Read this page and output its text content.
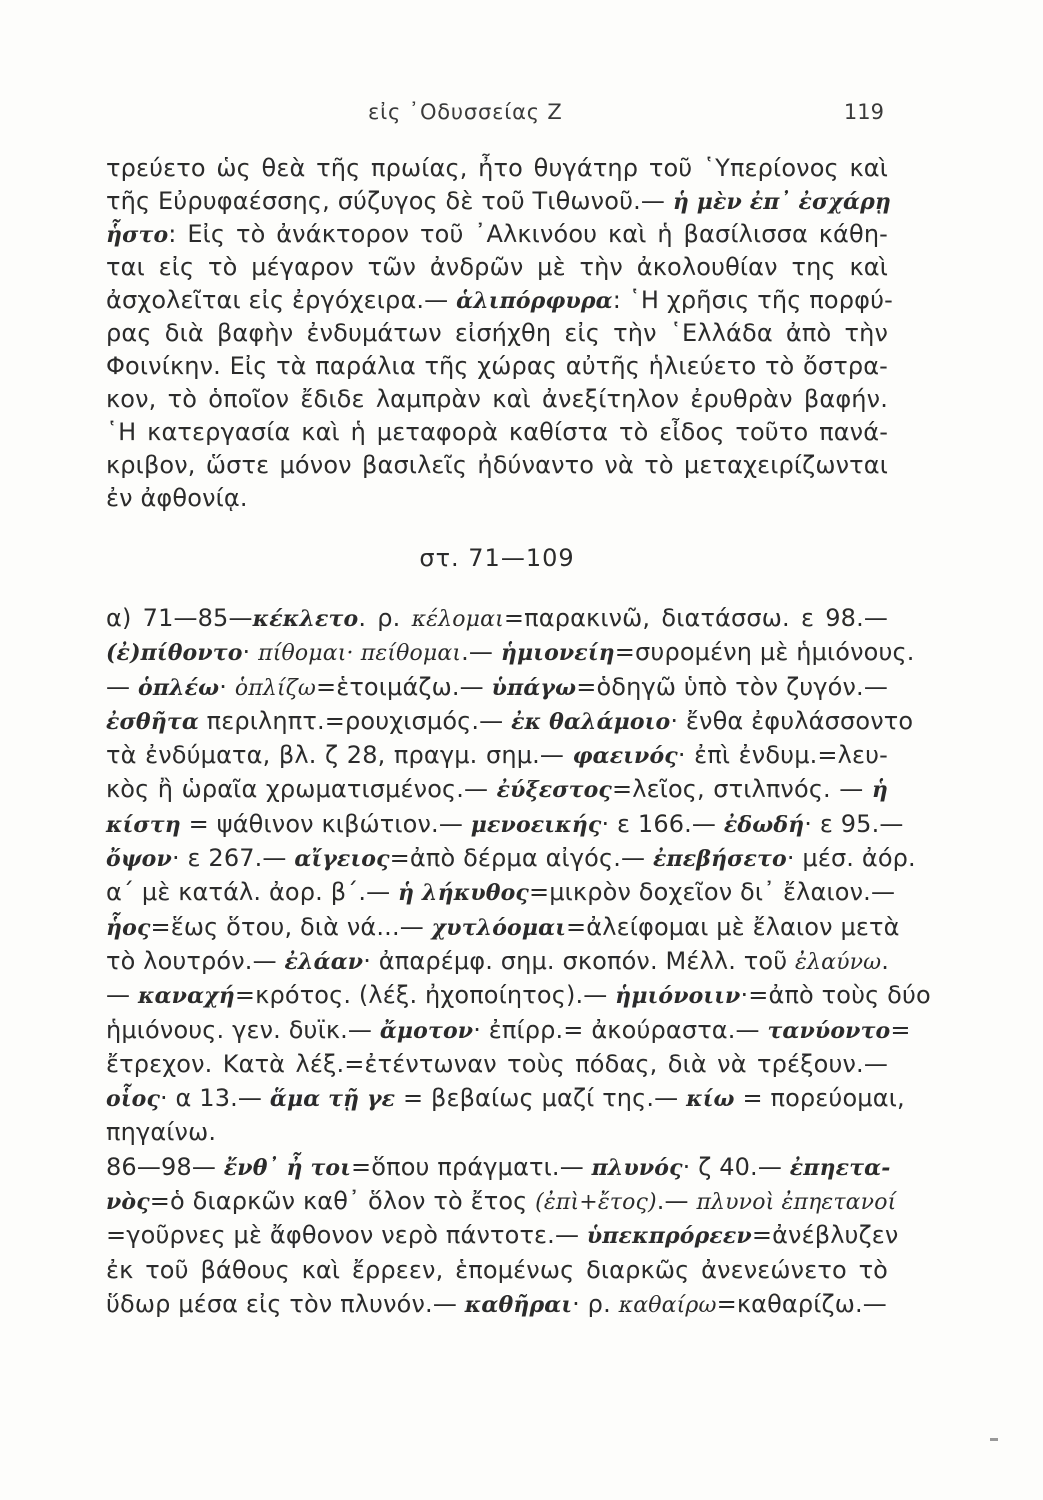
εἰς ᾿Οδυσσείας Ζ	119
τρεύετο ὡς θεὰ τῆς πρωίας, ἦτο θυγάτηρ τοῦ ῾Υπερίονος καὶ
τῆς Εὐρυφαέσσης, σύζυγος δὲ τοῦ Τιθωνοῦ.— ἡ μὲν ἐπ᾿ ἐσχάρῃ
ἧστο: Εἰς τὸ ἀνάκτορον τοῦ ᾿Αλκινόου καὶ ἡ βασίλισσα κάθη-
ται εἰς τὸ μέγαρον τῶν ἀνδρῶν μὲ τὴν ἀκολουθίαν της καὶ
ἀσχολεῖται εἰς ἐργόχειρα.— ἁλιπόρφυρα: ῾Η χρῆσις τῆς πορφύ-
ρας διὰ βαφὴν ἐνδυμάτων εἰσήχθη εἰς τὴν ῾Ελλάδα ἀπὸ τὴν
Φοινίκην. Εἰς τὰ παράλια τῆς χώρας αὐτῆς ἡλιεύετο τὸ ὄστρα-
κον, τὸ ὁποῖον ἔδιδε λαμπρὰν καὶ ἀνεξίτηλον ἐρυθρὰν βαφήν.
῾Η κατεργασία καὶ ἡ μεταφορὰ καθίστα τὸ εἶδος τοῦτο πανά-
κριβον, ὥστε μόνον βασιλεῖς ἠδύναντο νὰ τὸ μεταχειρίζωνται
ἐν ἀφθονίᾳ.
στ. 71—109
α) 71—85—κέκλετο. ρ. κέλομαι=παρακινῶ, διατάσσω. ε 98.—
(ἐ)πίθοντο· πίθομαι· πείθομαι.— ἡμιονείη=συρομένη μὲ ἡμιόνους.
— ὁπλέω· ὁπλίζω=ἑτοιμάζω.— ὑπάγω=ὁδηγῶ ὑπὸ τὸν ζυγόν.—
ἐσθῆτα περιληπτ.=ρουχισμός.— ἐκ θαλάμοιο· ἔνθα ἐφυλάσσοντο
τὰ ἐνδύματα, βλ. ζ 28, πραγμ. σημ.— φαεινός· ἐπὶ ἐνδυμ.=λευ-
κὸς ἢ ὡραῖα χρωματισμένος.— ἐύξεστος=λεῖος, στιλπνός. — ἡ
κίστη = ψάθινον κιβώτιον.— μενοεικής· ε 166.— ἐδωδή· ε 95.—
ὄψον· ε 267.— αἴγειος=ἀπὸ δέρμα αἰγός.— ἐπεβήσετο· μέσ. ἀόρ.
α´ μὲ κατάλ. ἀορ. β´.— ἡ λήκυθος=μικρὸν δοχεῖον δι᾿ ἔλαιον.—
ἧος=ἕως ὅτου, διὰ νά...— χυτλόομαι=ἀλείφομαι μὲ ἔλαιον μετὰ
τὸ λουτρόν.— ἐλάαν· ἀπαρέμφ. σημ. σκοπόν. Μέλλ. τοῦ ἐλαύνω.
— καναχή=κρότος. (λέξ. ἠχοποίητος).— ἡμιόνοιιν·=ἀπὸ τοὺς δύο
ἡμιόνους. γεν. δυϊκ.— ἄμοτον· ἐπίρρ.= ἀκούραστα.— τανύοντο=
ἔτρεχον. Κατὰ λέξ.=ἐτέντωναν τοὺς πόδας, διὰ νὰ τρέξουν.—
οἷος· α 13.— ἅμα τῇ γε = βεβαίως μαζί της.— κίω = πορεύομαι,
πηγαίνω.
86—98— ἔνθ᾿ ἦ τοι=ὅπου πράγματι.— πλυνός· ζ 40.— ἐπηετα-
νὸς=ὁ διαρκῶν καθ᾿ ὅλον τὸ ἔτος (ἐπὶ+ἔτος).— πλυνοὶ ἐπηετανοί
=γοῦρνες μὲ ἄφθονον νερὸ πάντοτε.— ὑπεκπρόρεεν=ἀνέβλυζεν
ἐκ τοῦ βάθους καὶ ἔρρεεν, ἑπομένως διαρκῶς ἀνενεώνετο τὸ
ὕδωρ μέσα εἰς τὸν πλυνόν.— καθῆραι· ρ. καθαίρω=καθαρίζω.—
